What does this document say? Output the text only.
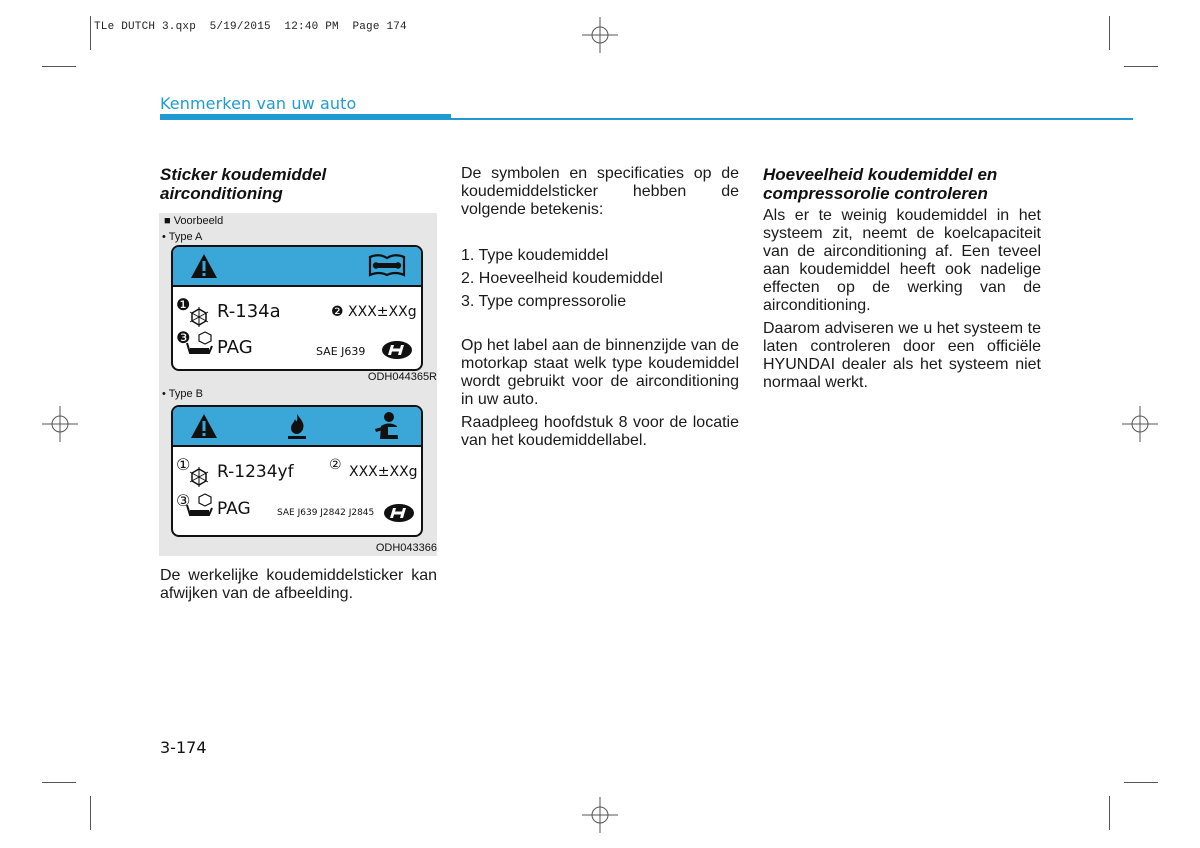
TLe DUTCH 3.qxp  5/19/2015  12:40 PM  Page 174
Kenmerken van uw auto
Sticker koudemiddel airconditioning
■ Voorbeeld
• Type A
❶ R-134a	❷ XXX±XXg
❸ PAG	SAE J639
ODH044365R
• Type B
① R-1234yf	② XXX±XXg
③ PAG	SAE J639 J2842 J2845
ODH043366

De werkelijke koudemiddelsticker kan afwijken van de afbeelding.

De symbolen en specificaties op de koudemiddelsticker hebben de volgende betekenis:

1. Type koudemiddel

2. Hoeveelheid koudemiddel

3. Type compressorolie

Op het label aan de binnenzijde van de motorkap staat welk type koudemiddel wordt gebruikt voor de airconditioning in uw auto.

Raadpleeg hoofdstuk 8 voor de locatie van het koudemiddellabel.

Hoeveelheid koudemiddel en compressorolie controleren

Als er te weinig koudemiddel in het systeem zit, neemt de koelcapaciteit van de airconditioning af. Een teveel aan koudemiddel heeft ook nadelige effecten op de werking van de airconditioning.

Daarom adviseren we u het systeem te laten controleren door een officiële HYUNDAI dealer als het systeem niet normaal werkt.

3-174
